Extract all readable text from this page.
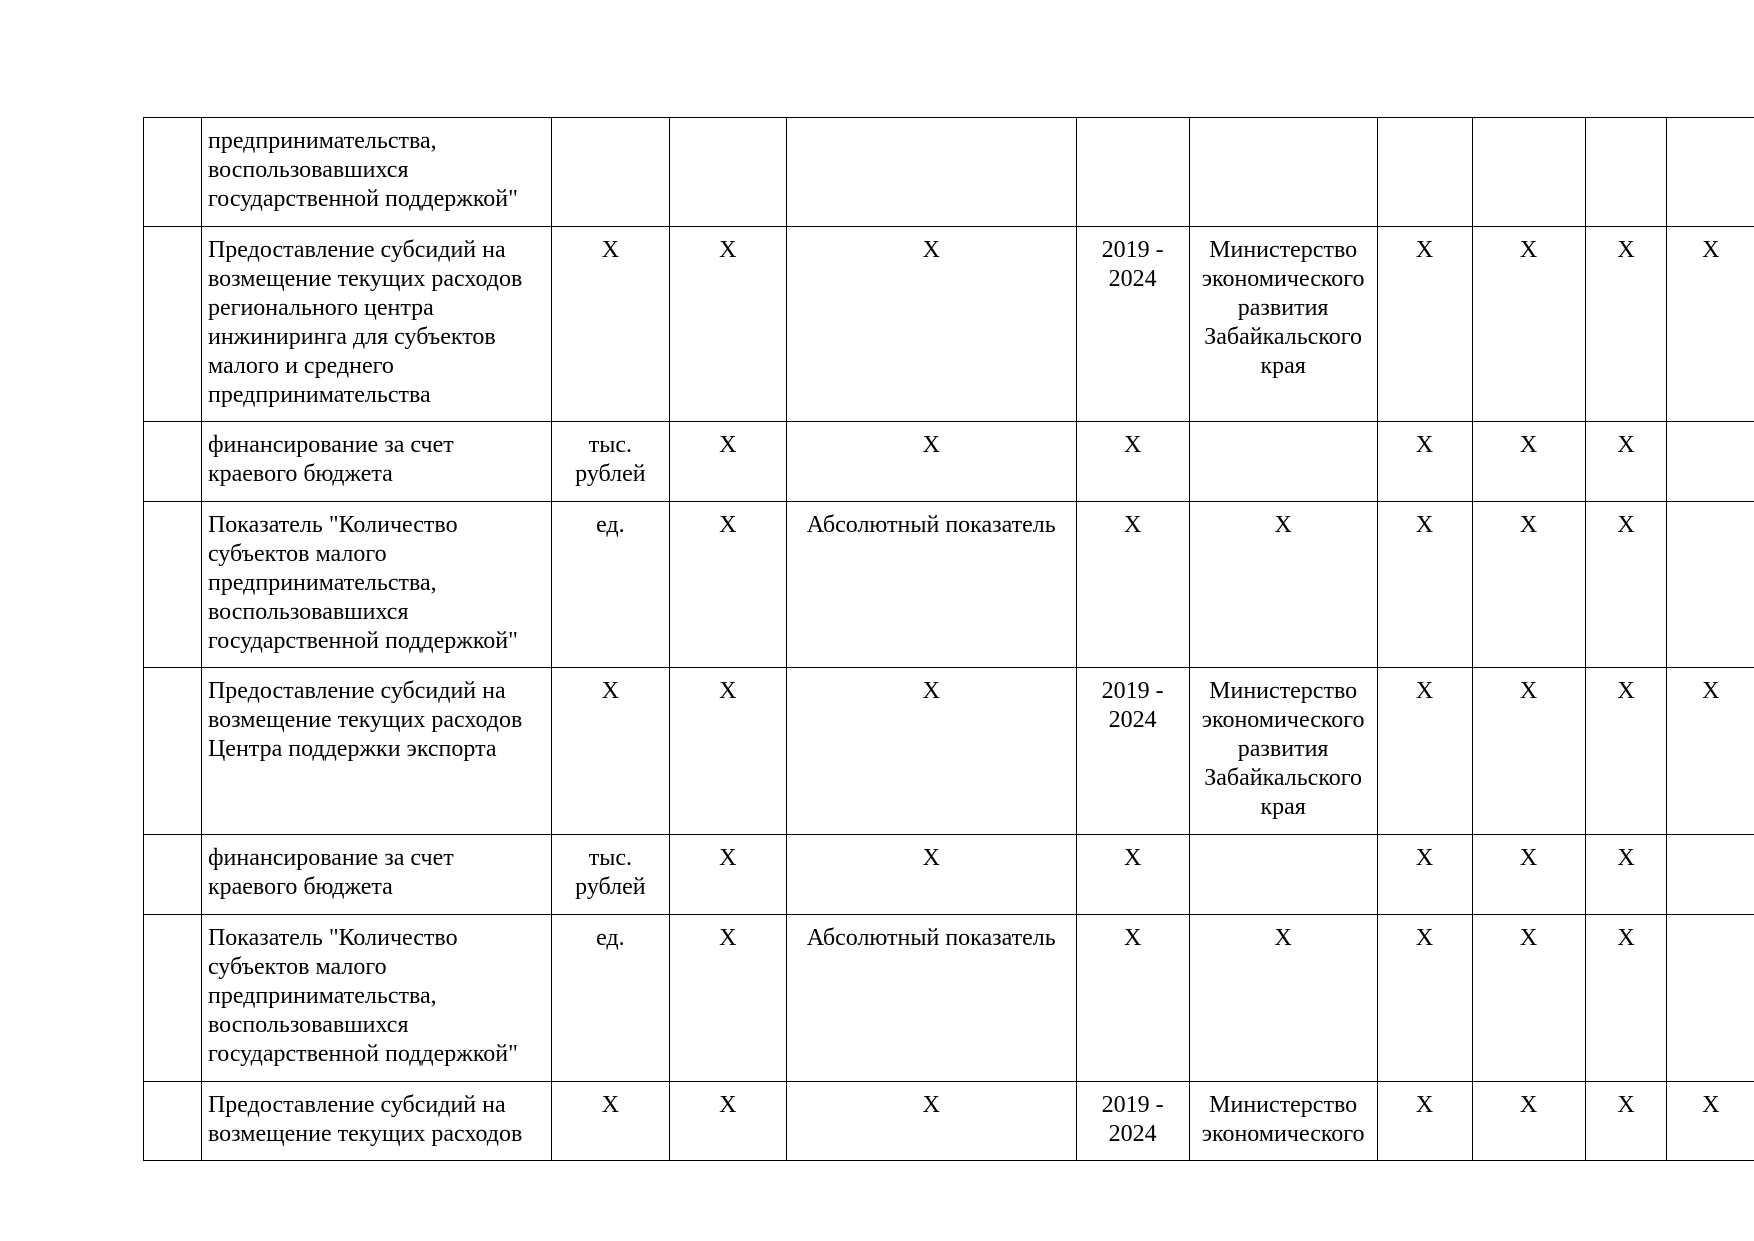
	предпринимательства, воспользовавшихся государственной поддержкой"									
	Предоставление субсидий на возмещение текущих расходов регионального центра инжиниринга для субъектов малого и среднего предпринимательства	X	X	X	2019 - 2024	Министерство экономического развития Забайкальского края	X	X	X	X
	финансирование за счет краевого бюджета	тыс. рублей	X	X	X		X	X	X	
	Показатель "Количество субъектов малого предпринимательства, воспользовавшихся государственной поддержкой"	ед.	X	Абсолютный показатель	X	X	X	X	X	
	Предоставление субсидий на возмещение текущих расходов Центра поддержки экспорта	X	X	X	2019 - 2024	Министерство экономического развития Забайкальского края	X	X	X	X
	финансирование за счет краевого бюджета	тыс. рублей	X	X	X		X	X	X	
	Показатель "Количество субъектов малого предпринимательства, воспользовавшихся государственной поддержкой"	ед.	X	Абсолютный показатель	X	X	X	X	X	
	Предоставление субсидий на возмещение текущих расходов	X	X	X	2019 - 2024	Министерство экономического	X	X	X	X
